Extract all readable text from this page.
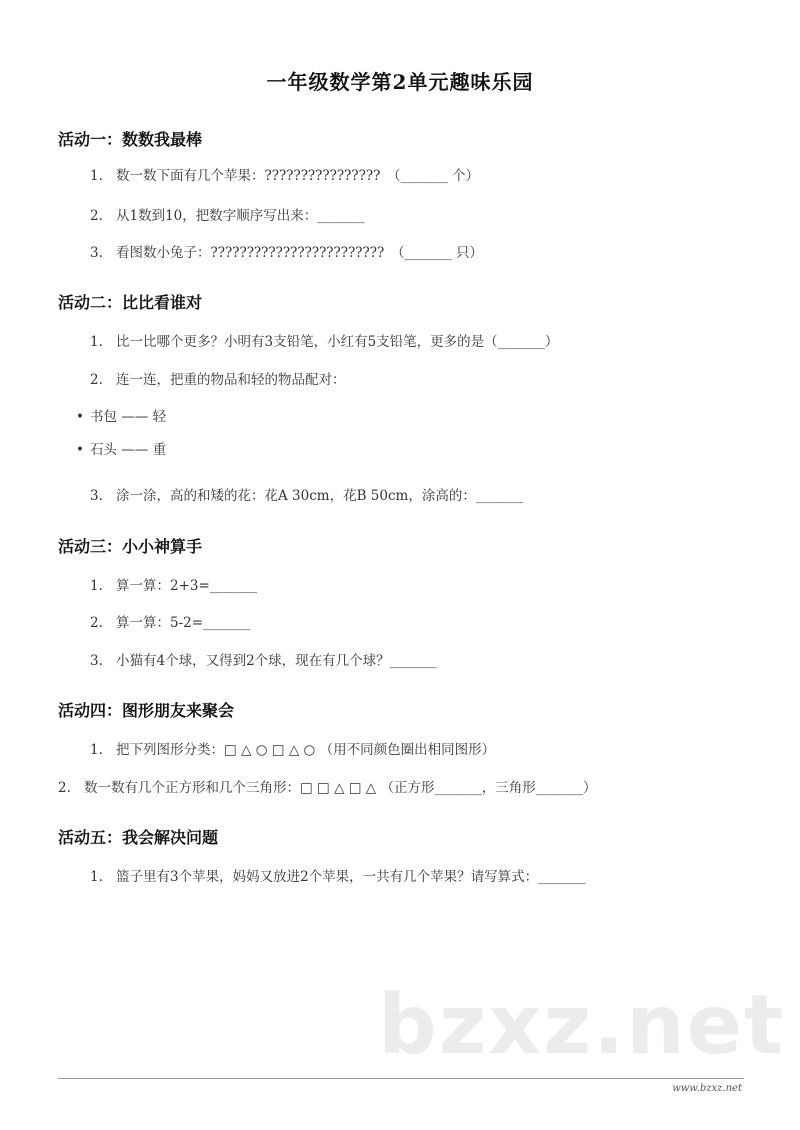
一年级数学第2单元趣味乐园
活动一：数数我最棒
1. 数一数下面有几个苹果：????????????????　（_______ 个）
2. 从1数到10，把数字顺序写出来：_______
3. 看图数小兔子：????????????????????????　（_______ 只）
活动二：比比看谁对
1. 比一比哪个更多？小明有3支铅笔，小红有5支铅笔，更多的是（_______）
2. 连一连，把重的物品和轻的物品配对：
• 书包 —— 轻
• 石头 —— 重
3. 涂一涂，高的和矮的花：花A 30cm，花B 50cm，涂高的：_______
活动三：小小神算手
1. 算一算：2+3=_______
2. 算一算：5-2=_______
3. 小猫有4个球，又得到2个球，现在有几个球？_______
活动四：图形朋友来聚会
1. 把下列图形分类：□ △ ○ □ △ ○ （用不同颜色圈出相同图形）
2. 数一数有几个正方形和几个三角形：□ □ △ □ △ （正方形_______，三角形_______）
活动五：我会解决问题
1. 篮子里有3个苹果，妈妈又放进2个苹果，一共有几个苹果？请写算式：_______
bzxz.net
www.bzxz.net
